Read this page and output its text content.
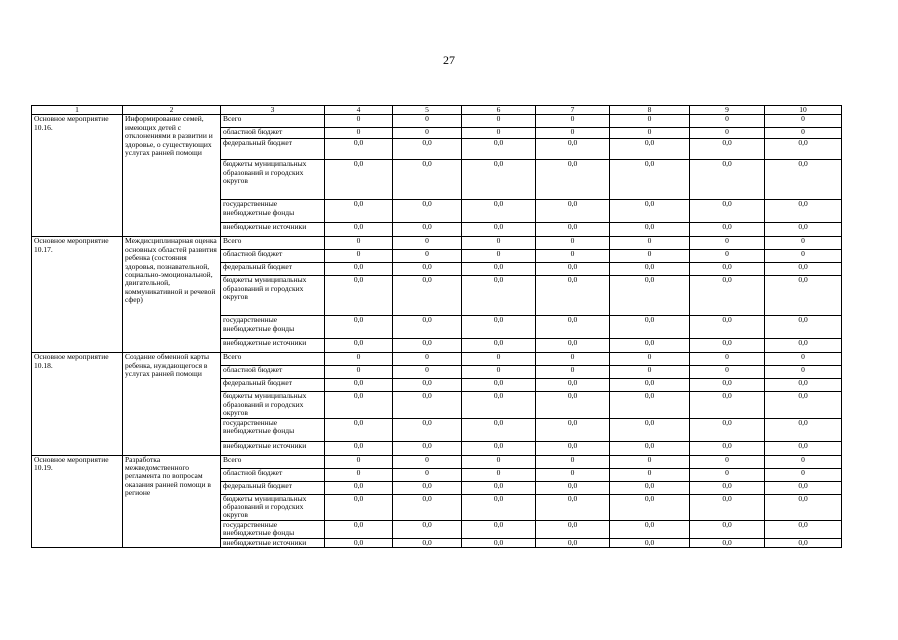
27
1	2	3	4	5	6	7	8	9	10
Основное мероприятие 10.16.	Информирование семей, имеющих детей с отклонениями в развитии и здоровье, о существующих услугах ранней помощи	Всего	0	0	0	0	0	0	0
		областной бюджет	0	0	0	0	0	0	0
		федеральный бюджет	0,0	0,0	0,0	0,0	0,0	0,0	0,0
		бюджеты муниципальных образований и городских округов	0,0	0,0	0,0	0,0	0,0	0,0	0,0
		государственные внебюджетные фонды	0,0	0,0	0,0	0,0	0,0	0,0	0,0
		внебюджетные источники	0,0	0,0	0,0	0,0	0,0	0,0	0,0
Основное мероприятие 10.17.	Междисциплинарная оценка основных областей развития ребенка (состояния здоровья, познавательной, социально-эмоциональной, двигательной, коммуникативной и речевой сфер)	Всего	0	0	0	0	0	0	0
		областной бюджет	0	0	0	0	0	0	0
		федеральный бюджет	0,0	0,0	0,0	0,0	0,0	0,0	0,0
		бюджеты муниципальных образований и городских округов	0,0	0,0	0,0	0,0	0,0	0,0	0,0
		государственные внебюджетные фонды	0,0	0,0	0,0	0,0	0,0	0,0	0,0
		внебюджетные источники	0,0	0,0	0,0	0,0	0,0	0,0	0,0
Основное мероприятие 10.18.	Создание обменной карты ребенка, нуждающегося в услугах ранней помощи	Всего	0	0	0	0	0	0	0
		областной бюджет	0	0	0	0	0	0	0
		федеральный бюджет	0,0	0,0	0,0	0,0	0,0	0,0	0,0
		бюджеты муниципальных образований и городских округов	0,0	0,0	0,0	0,0	0,0	0,0	0,0
		государственные внебюджетные фонды	0,0	0,0	0,0	0,0	0,0	0,0	0,0
		внебюджетные источники	0,0	0,0	0,0	0,0	0,0	0,0	0,0
Основное мероприятие 10.19.	Разработка межведомственного регламента по вопросам оказания ранней помощи в регионе	Всего	0	0	0	0	0	0	0
		областной бюджет	0	0	0	0	0	0	0
		федеральный бюджет	0,0	0,0	0,0	0,0	0,0	0,0	0,0
		бюджеты муниципальных образований и городских округов	0,0	0,0	0,0	0,0	0,0	0,0	0,0
		государственные внебюджетные фонды	0,0	0,0	0,0	0,0	0,0	0,0	0,0
		внебюджетные источники	0,0	0,0	0,0	0,0	0,0	0,0	0,0
